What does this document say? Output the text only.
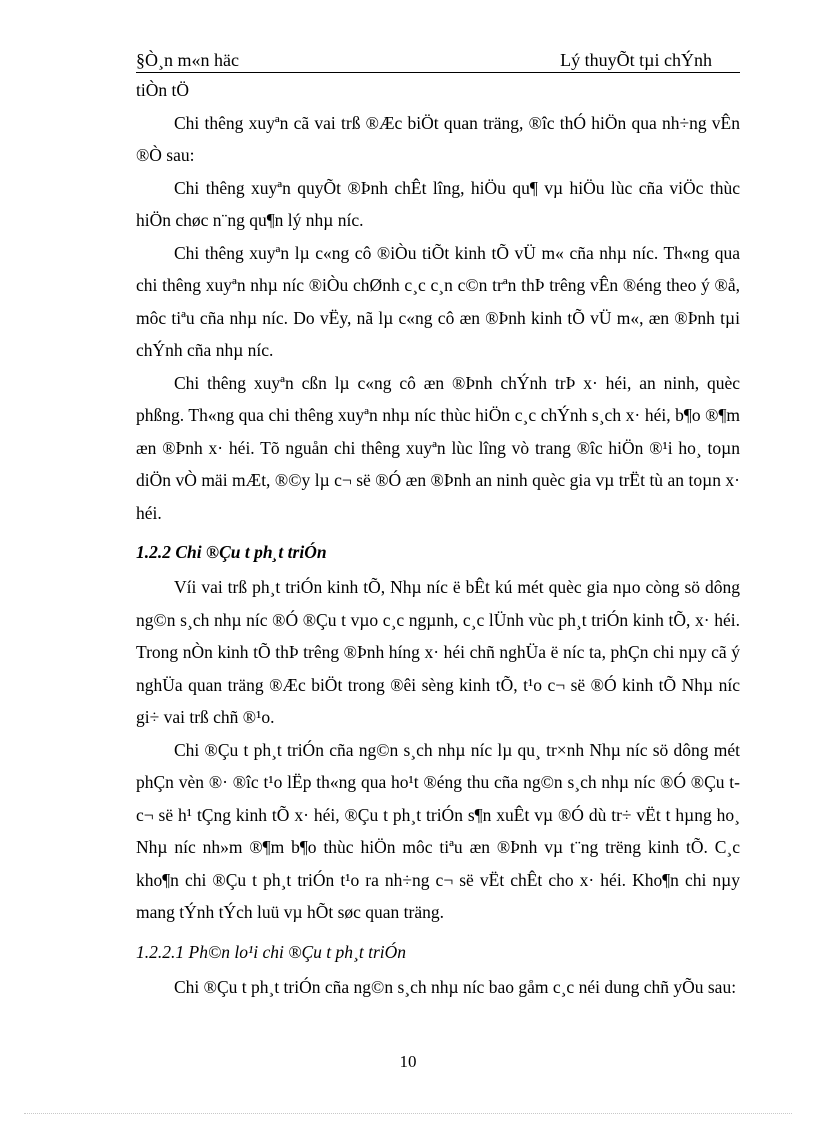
§Ò¸n m«n häc	Lý thuyÕt tµi chÝnh

tiÒn tÖ

Chi thêng xuyªn cã vai trß ®Æc biÖt quan träng, ®îc thÓ hiÖn qua nh÷ng vÊn ®Ò sau:

Chi thêng xuyªn quyÕt ®Þnh chÊt lîng, hiÖu qu¶ vµ hiÖu lùc cña viÖc thùc hiÖn chøc n¨ng qu¶n lý nhµ níc.

Chi thêng xuyªn lµ c«ng cô ®iÒu tiÕt kinh tÕ vÜ m« cña nhµ níc. Th«ng qua chi thêng xuyªn nhµ níc ®iÒu chØnh c¸c c¸n c©n trªn thÞ trêng vÊn ®éng theo ý ®å, môc tiªu cña nhµ níc. Do vËy, nã lµ c«ng cô æn ®Þnh kinh tÕ vÜ m«, æn ®Þnh tµi chÝnh cña nhµ níc.

Chi thêng xuyªn cßn lµ c«ng cô æn ®Þnh chÝnh trÞ x· héi, an ninh, quèc phßng. Th«ng qua chi thêng xuyªn nhµ níc thùc hiÖn c¸c chÝnh s¸ch x· héi, b¶o ®¶m æn ®Þnh x· héi. Tõ nguån chi thêng xuyªn lùc lîng vò trang ®îc hiÖn ®¹i ho¸ toµn diÖn vÒ mäi mÆt, ®©y lµ c¬ së ®Ó æn ®Þnh an ninh quèc gia vµ trËt tù an toµn x· héi.

1.2.2 Chi ®Çu t ph¸t triÓn

Víi vai trß ph¸t triÓn kinh tÕ, Nhµ níc ë bÊt kú mét quèc gia nµo còng sö dông ng©n s¸ch nhµ níc ®Ó ®Çu t vµo c¸c ngµnh, c¸c lÜnh vùc ph¸t triÓn kinh tÕ, x· héi. Trong nÒn kinh tÕ thÞ trêng ®Þnh híng x· héi chñ nghÜa ë níc ta, phÇn chi nµy cã ý nghÜa quan träng ®Æc biÖt trong ®êi sèng kinh tÕ, t¹o c¬ së ®Ó kinh tÕ Nhµ níc gi÷ vai trß chñ ®¹o.

Chi ®Çu t ph¸t triÓn cña ng©n s¸ch nhµ níc lµ qu¸ tr×nh Nhµ níc sö dông mét phÇn vèn ®· ®îc t¹o lËp th«ng qua ho¹t ®éng thu cña ng©n s¸ch nhµ níc ®Ó ®Çu t c¬ së h¹ tÇng kinh tÕ x· héi, ®Çu t ph¸t triÓn s¶n xuÊt vµ ®Ó dù tr÷ vËt t hµng ho¸ Nhµ níc nh»m ®¶m b¶o thùc hiÖn môc tiªu æn ®Þnh vµ t¨ng trëng kinh tÕ. C¸c kho¶n chi ®Çu t ph¸t triÓn t¹o ra nh÷ng c¬ së vËt chÊt cho x· héi. Kho¶n chi nµy mang tÝnh tÝch luü vµ hÕt søc quan träng.

1.2.2.1 Ph©n lo¹i chi ®Çu t ph¸t triÓn

Chi ®Çu t ph¸t triÓn cña ng©n s¸ch nhµ níc bao gåm c¸c néi dung chñ yÕu sau:

10
